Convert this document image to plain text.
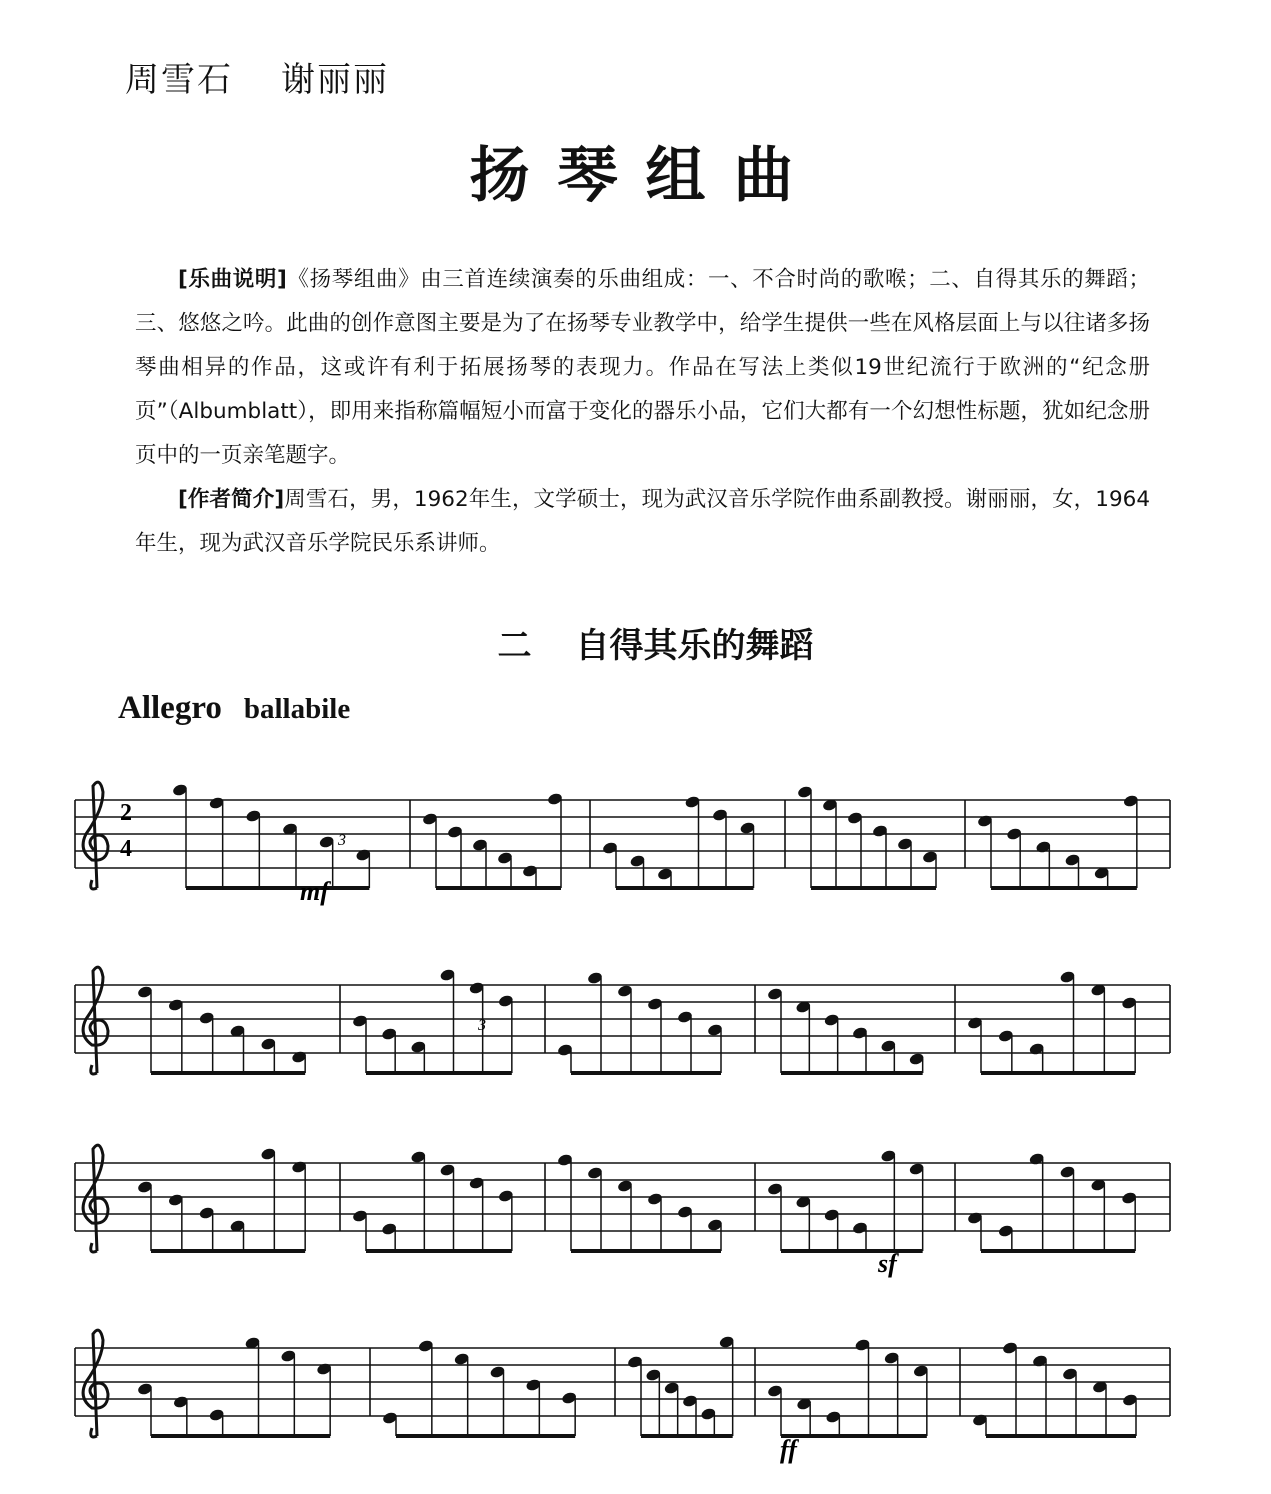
周雪石 谢丽丽
扬琴组曲

[乐曲说明]《扬琴组曲》由三首连续演奏的乐曲组成：一、不合时尚的歌喉；二、自得其乐的舞蹈；三、悠悠之吟。此曲的创作意图主要是为了在扬琴专业教学中，给学生提供一些在风格层面上与以往诸多扬琴曲相异的作品，这或许有利于拓展扬琴的表现力。作品在写法上类似19世纪流行于欧洲的“纪念册页”（Albumblatt），即用来指称篇幅短小而富于变化的器乐小品，它们大都有一个幻想性标题，犹如纪念册页中的一页亲笔题字。

[作者简介]周雪石，男，1962年生，文学硕士，现为武汉音乐学院作曲系副教授。谢丽丽，女，1964年生，现为武汉音乐学院民乐系讲师。

二 自得其乐的舞蹈
Allegro ballabile
2
4
mf
sf
ff
3
3
